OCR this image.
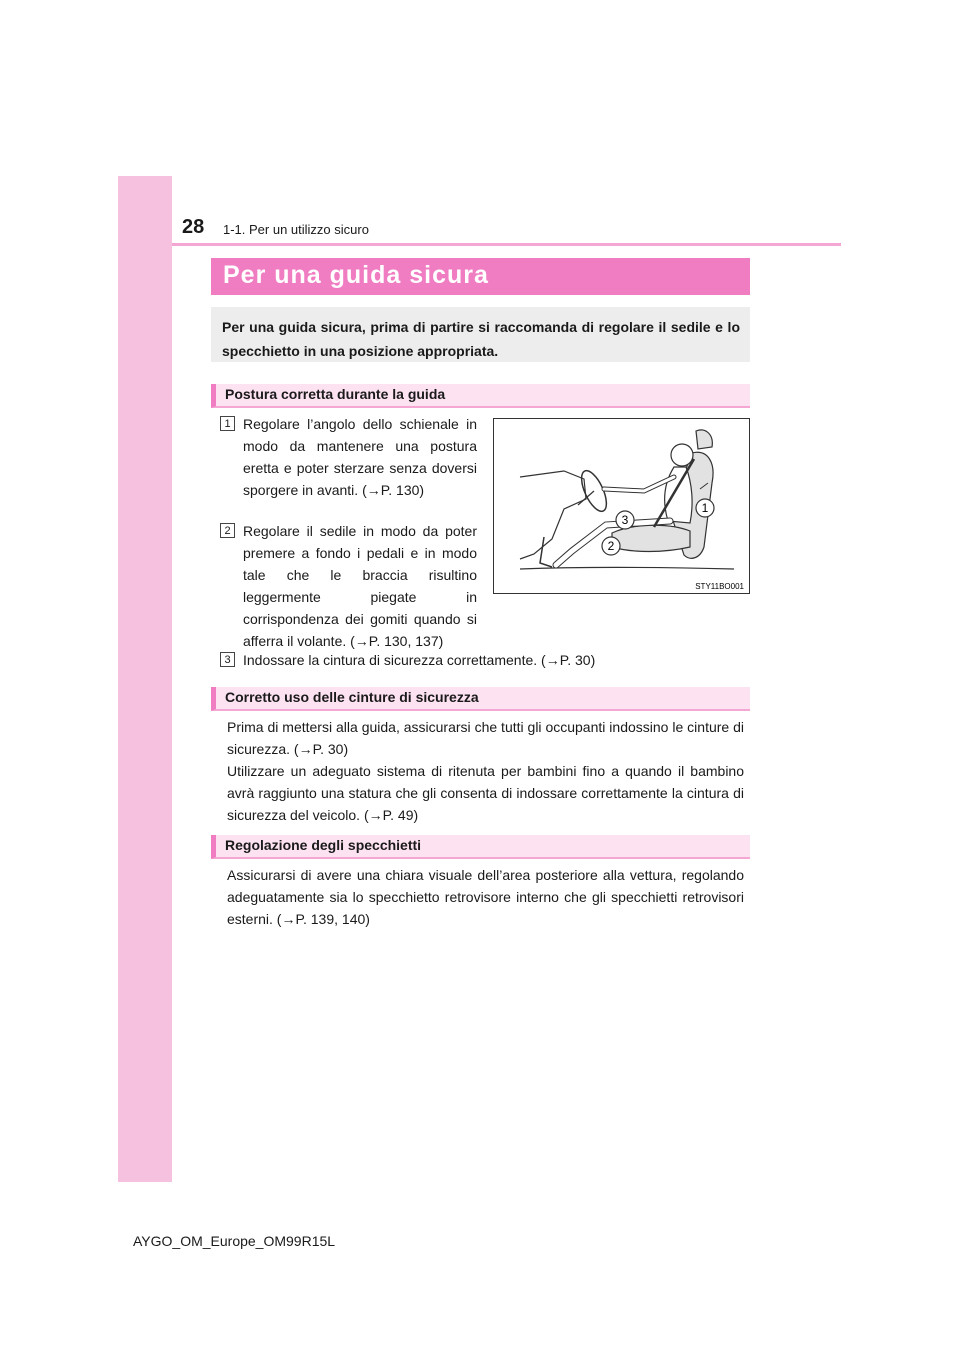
28 1-1. Per un utilizzo sicuro
Per una guida sicura

Per una guida sicura, prima di partire si raccomanda di regolare il sedile e lo specchietto in una posizione appropriata.

Postura corretta durante la guida
1 Regolare l’angolo dello schienale in modo da mantenere una postura eretta e poter sterzare senza doversi sporgere in avanti. (→P. 130)

2 Regolare il sedile in modo da poter premere a fondo i pedali e in modo tale che le braccia risultino leggermente piegate in corrispondenza dei gomiti quando si afferra il volante. (→P. 130, 137)

3 Indossare la cintura di sicurezza correttamente. (→P. 30)

1
3
2
STY11BO001
Corretto uso delle cinture di sicurezza

Prima di mettersi alla guida, assicurarsi che tutti gli occupanti indossino le cinture di sicurezza. (→P. 30)

Utilizzare un adeguato sistema di ritenuta per bambini fino a quando il bambino avrà raggiunto una statura che gli consenta di indossare correttamente la cintura di sicurezza del veicolo. (→P. 49)

Regolazione degli specchietti

Assicurarsi di avere una chiara visuale dell’area posteriore alla vettura, regolando adeguatamente sia lo specchietto retrovisore interno che gli specchietti retrovisori esterni. (→P. 139, 140)

AYGO_OM_Europe_OM99R15L
